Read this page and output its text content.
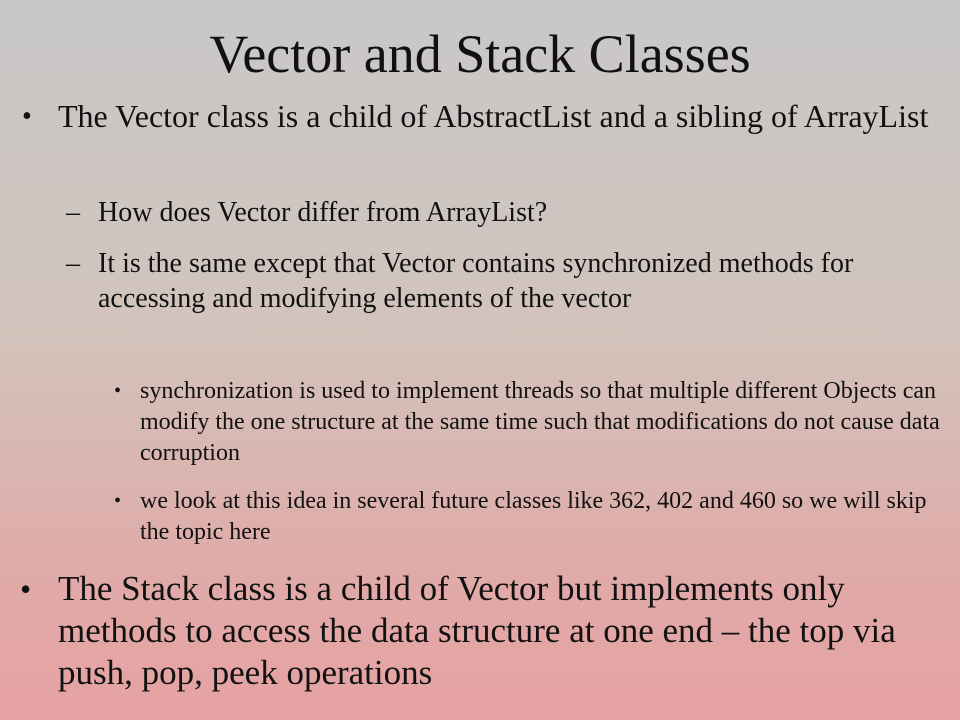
Vector and Stack Classes
• The Vector class is a child of AbstractList and a sibling of ArrayList
– How does Vector differ from ArrayList?
– It is the same except that Vector contains synchronized methods for accessing and modifying elements of the vector
• synchronization is used to implement threads so that multiple different Objects can modify the one structure at the same time such that modifications do not cause data corruption
• we look at this idea in several future classes like 362, 402 and 460 so we will skip the topic here
• The Stack class is a child of Vector but implements only methods to access the data structure at one end – the top via push, pop, peek operations
